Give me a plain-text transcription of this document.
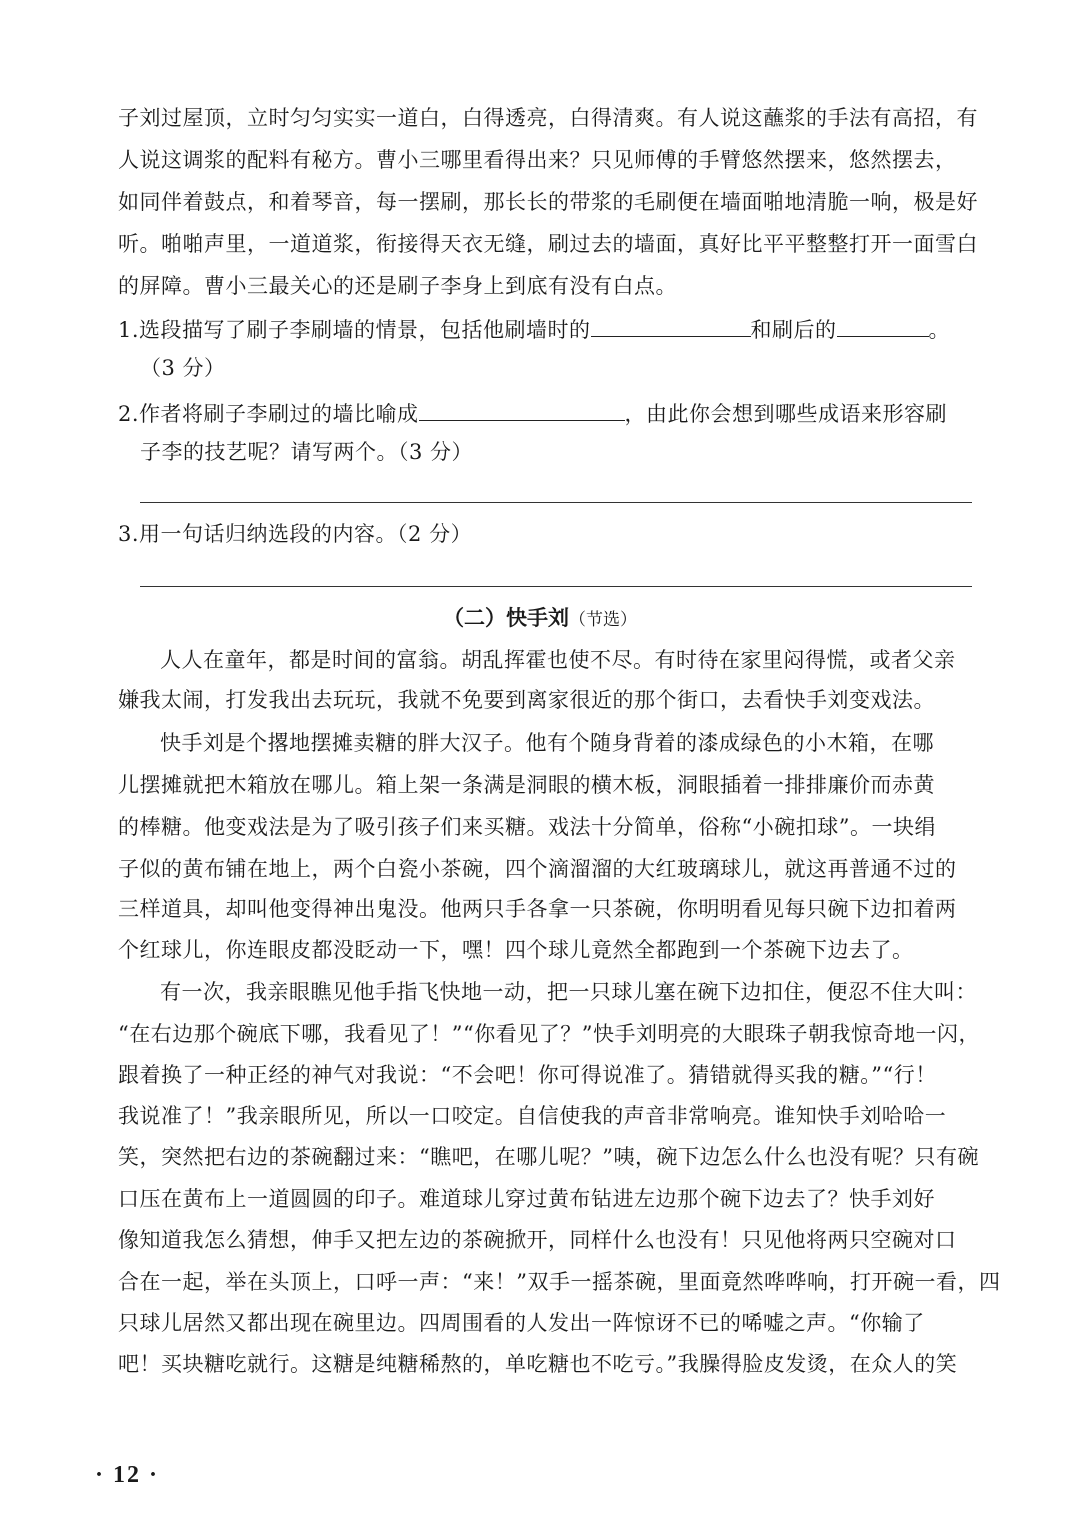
子刘过屋顶，立时匀匀实实一道白，白得透亮，白得清爽。有人说这蘸浆的手法有高招，有
人说这调浆的配料有秘方。曹小三哪里看得出来？只见师傅的手臂悠然摆来，悠然摆去，
如同伴着鼓点，和着琴音，每一摆刷，那长长的带浆的毛刷便在墙面啪地清脆一响，极是好
听。啪啪声里，一道道浆，衔接得天衣无缝，刷过去的墙面，真好比平平整整打开一面雪白
的屏障。曹小三最关心的还是刷子李身上到底有没有白点。
1.选段描写了刷子李刷墙的情景，包括他刷墙时的	和刷后的	。
（3 分）
2.作者将刷子李刷过的墙比喻成	，由此你会想到哪些成语来形容刷
子李的技艺呢？请写两个。（3 分）
3.用一句话归纳选段的内容。（2 分）
（二）快手刘（节选）
人人在童年，都是时间的富翁。胡乱挥霍也使不尽。有时待在家里闷得慌，或者父亲
嫌我太闹，打发我出去玩玩，我就不免要到离家很近的那个街口，去看快手刘变戏法。
快手刘是个撂地摆摊卖糖的胖大汉子。他有个随身背着的漆成绿色的小木箱，在哪
儿摆摊就把木箱放在哪儿。箱上架一条满是洞眼的横木板，洞眼插着一排排廉价而赤黄
的棒糖。他变戏法是为了吸引孩子们来买糖。戏法十分简单，俗称“小碗扣球”。一块绢
子似的黄布铺在地上，两个白瓷小茶碗，四个滴溜溜的大红玻璃球儿，就这再普通不过的
三样道具，却叫他变得神出鬼没。他两只手各拿一只茶碗，你明明看见每只碗下边扣着两
个红球儿，你连眼皮都没眨动一下，嘿！四个球儿竟然全都跑到一个茶碗下边去了。
有一次，我亲眼瞧见他手指飞快地一动，把一只球儿塞在碗下边扣住，便忍不住大叫：
“在右边那个碗底下哪，我看见了！”“你看见了？”快手刘明亮的大眼珠子朝我惊奇地一闪，
跟着换了一种正经的神气对我说：“不会吧！你可得说准了。猜错就得买我的糖。”“行！
我说准了！”我亲眼所见，所以一口咬定。自信使我的声音非常响亮。谁知快手刘哈哈一
笑，突然把右边的茶碗翻过来：“瞧吧，在哪儿呢？”咦，碗下边怎么什么也没有呢？只有碗
口压在黄布上一道圆圆的印子。难道球儿穿过黄布钻进左边那个碗下边去了？快手刘好
像知道我怎么猜想，伸手又把左边的茶碗掀开，同样什么也没有！只见他将两只空碗对口
合在一起，举在头顶上，口呼一声：“来！”双手一摇茶碗，里面竟然哗哗响，打开碗一看，四
只球儿居然又都出现在碗里边。四周围看的人发出一阵惊讶不已的唏嘘之声。“你输了
吧！买块糖吃就行。这糖是纯糖稀熬的，单吃糖也不吃亏。”我臊得脸皮发烫，在众人的笑
· 12 ·
